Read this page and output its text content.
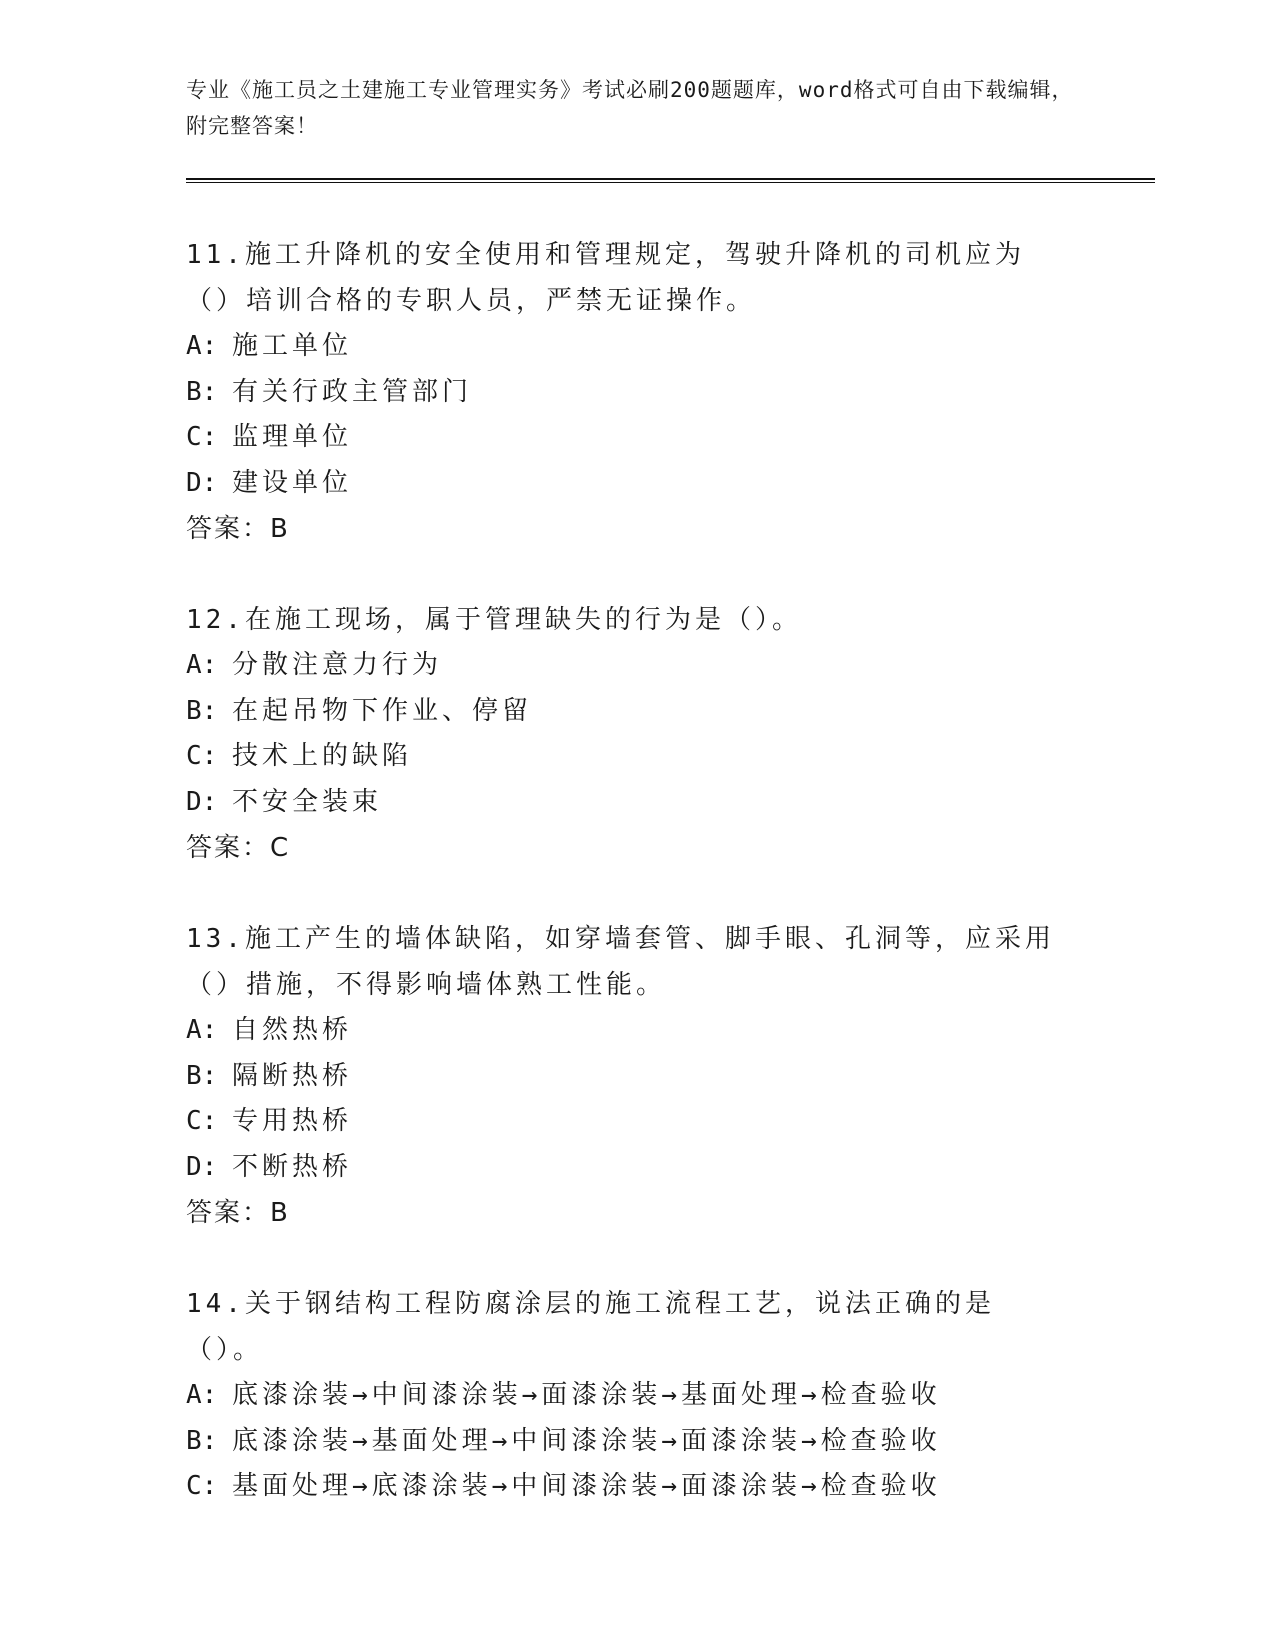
专业《施工员之土建施工专业管理实务》考试必刷200题题库，word格式可自由下载编辑，附完整答案！
11.施工升降机的安全使用和管理规定，驾驶升降机的司机应为（）培训合格的专职人员，严禁无证操作。
A: 施工单位
B: 有关行政主管部门
C: 监理单位
D: 建设单位
答案：B
12.在施工现场，属于管理缺失的行为是（）。
A: 分散注意力行为
B: 在起吊物下作业、停留
C: 技术上的缺陷
D: 不安全装束
答案：C
13.施工产生的墙体缺陷，如穿墙套管、脚手眼、孔洞等，应采用（）措施，不得影响墙体熟工性能。
A: 自然热桥
B: 隔断热桥
C: 专用热桥
D: 不断热桥
答案：B
14.关于钢结构工程防腐涂层的施工流程工艺，说法正确的是（）。
A: 底漆涂装→中间漆涂装→面漆涂装→基面处理→检查验收
B: 底漆涂装→基面处理→中间漆涂装→面漆涂装→检查验收
C: 基面处理→底漆涂装→中间漆涂装→面漆涂装→检查验收
